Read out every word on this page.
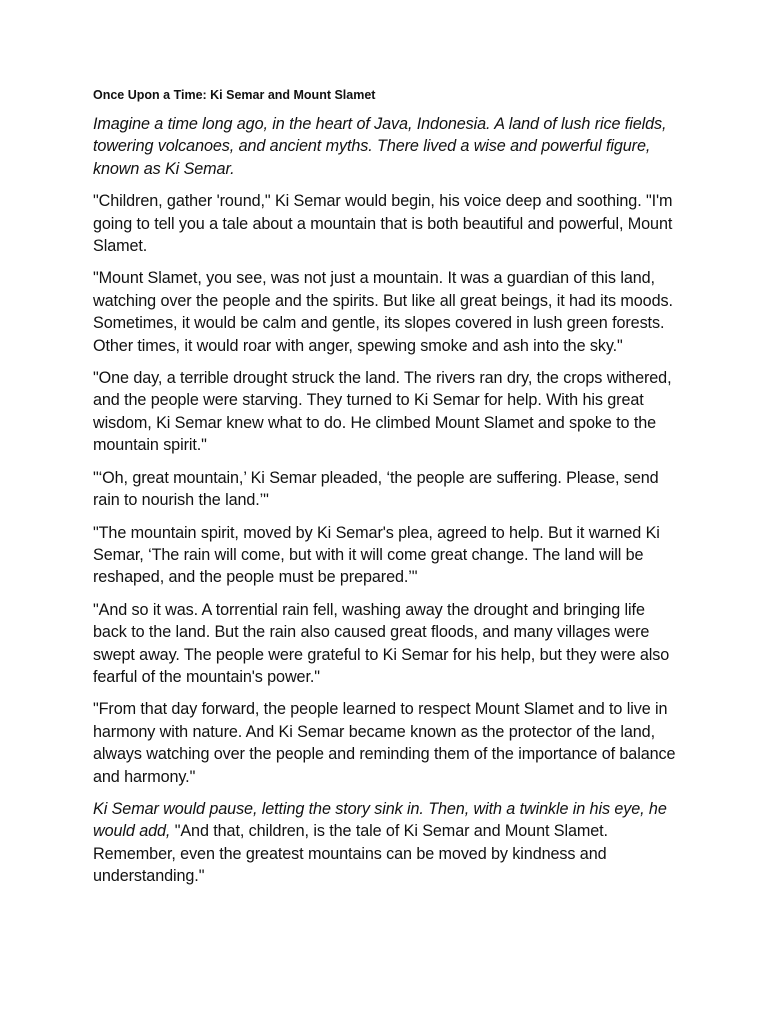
Once Upon a Time: Ki Semar and Mount Slamet

Imagine a time long ago, in the heart of Java, Indonesia. A land of lush rice fields, towering volcanoes, and ancient myths. There lived a wise and powerful figure, known as Ki Semar.

"Children, gather 'round," Ki Semar would begin, his voice deep and soothing. "I'm going to tell you a tale about a mountain that is both beautiful and powerful, Mount Slamet.

"Mount Slamet, you see, was not just a mountain. It was a guardian of this land, watching over the people and the spirits. But like all great beings, it had its moods. Sometimes, it would be calm and gentle, its slopes covered in lush green forests. Other times, it would roar with anger, spewing smoke and ash into the sky."

"One day, a terrible drought struck the land. The rivers ran dry, the crops withered, and the people were starving. They turned to Ki Semar for help. With his great wisdom, Ki Semar knew what to do. He climbed Mount Slamet and spoke to the mountain spirit."

"‘Oh, great mountain,’ Ki Semar pleaded, ‘the people are suffering. Please, send rain to nourish the land.’"

"The mountain spirit, moved by Ki Semar's plea, agreed to help. But it warned Ki Semar, ‘The rain will come, but with it will come great change. The land will be reshaped, and the people must be prepared.’"

"And so it was. A torrential rain fell, washing away the drought and bringing life back to the land. But the rain also caused great floods, and many villages were swept away. The people were grateful to Ki Semar for his help, but they were also fearful of the mountain's power."

"From that day forward, the people learned to respect Mount Slamet and to live in harmony with nature. And Ki Semar became known as the protector of the land, always watching over the people and reminding them of the importance of balance and harmony."

Ki Semar would pause, letting the story sink in. Then, with a twinkle in his eye, he would add, "And that, children, is the tale of Ki Semar and Mount Slamet. Remember, even the greatest mountains can be moved by kindness and understanding."
